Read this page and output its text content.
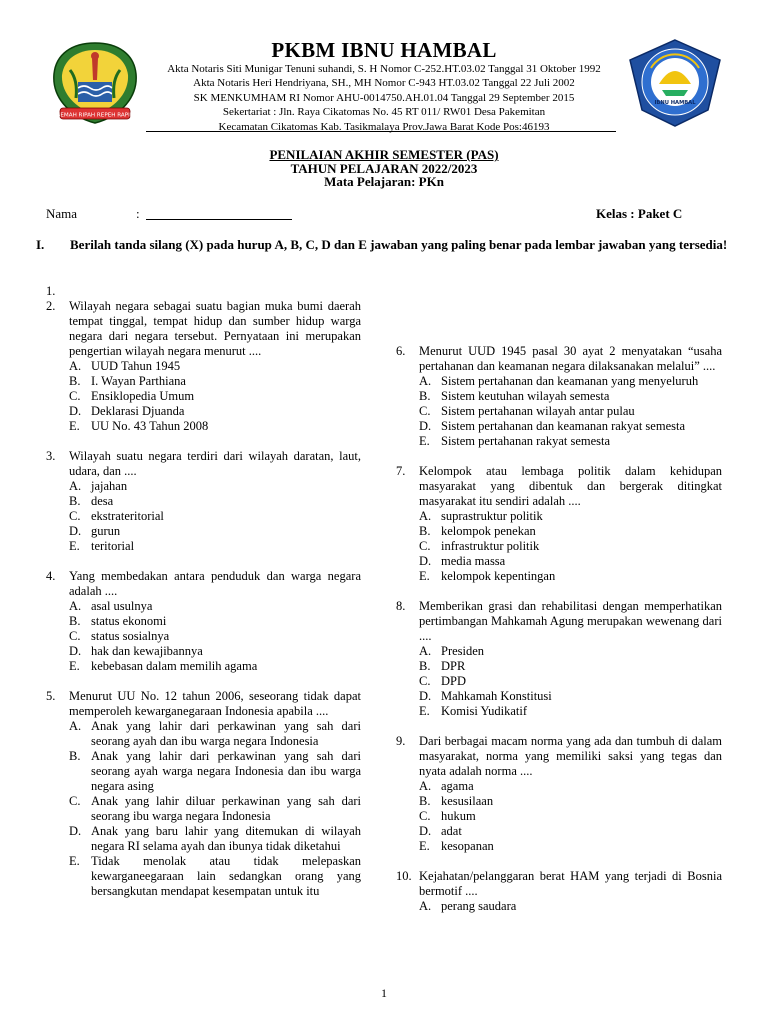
GEMAH RIPAH REPEH RAPIH
PKBM IBNU HAMBAL
Akta Notaris Siti Munigar Tenuni suhandi, S. H Nomor C-252.HT.03.02 Tanggal 31 Oktober 1992
Akta Notaris Heri Hendriyana, SH., MH Nomor C-943 HT.03.02 Tanggal 22 Juli 2002
SK MENKUMHAM RI Nomor AHU-0014750.AH.01.04 Tanggal 29 September 2015
Sekertariat : Jln. Raya Cikatomas No. 45 RT 011/ RW01 Desa Pakemitan
Kecamatan Cikatomas Kab. Tasikmalaya Prov.Jawa Barat Kode Pos:46193
IBNU HAMBAL
PENILAIAN AKHIR SEMESTER (PAS)
TAHUN PELAJARAN 2022/2023
Mata Pelajaran: PKn
Nama	:	Kelas : Paket C
I. Berilah tanda silang (X) pada hurup A, B, C, D dan E jawaban yang paling benar pada lembar jawaban yang tersedia!
1.
2. Wilayah negara sebagai suatu bagian muka bumi daerah tempat tinggal, tempat hidup dan sumber hidup warga negara dari negara tersebut. Pernyataan ini merupakan pengertian wilayah negara menurut ....
A. UUD Tahun 1945
B. I. Wayan Parthiana
C. Ensiklopedia Umum
D. Deklarasi Djuanda
E. UU No. 43 Tahun 2008
3. Wilayah suatu negara terdiri dari wilayah daratan, laut, udara, dan ....
A. jajahan
B. desa
C. ekstrateritorial
D. gurun
E. teritorial
4. Yang membedakan antara penduduk dan warga negara adalah ....
A. asal usulnya
B. status ekonomi
C. status sosialnya
D. hak dan kewajibannya
E. kebebasan dalam memilih agama
5. Menurut UU No. 12 tahun 2006, seseorang tidak dapat memperoleh kewarganegaraan Indonesia apabila ....
A. Anak yang lahir dari perkawinan yang sah dari seorang ayah dan ibu warga negara Indonesia
B. Anak yang lahir dari perkawinan yang sah dari seorang ayah warga negara Indonesia dan ibu warga negara asing
C. Anak yang lahir diluar perkawinan yang sah dari seorang ibu warga negara Indonesia
D. Anak yang baru lahir yang ditemukan di wilayah negara RI selama ayah dan ibunya tidak diketahui
E. Tidak menolak atau tidak melepaskan kewarganeegaraan lain sedangkan orang yang bersangkutan mendapat kesempatan untuk itu
6. Menurut UUD 1945 pasal 30 ayat 2 menyatakan “usaha pertahanan dan keamanan negara dilaksanakan melalui” ....
A. Sistem pertahanan dan keamanan yang menyeluruh
B. Sistem keutuhan wilayah semesta
C. Sistem pertahanan wilayah antar pulau
D. Sistem pertahanan dan keamanan rakyat semesta
E. Sistem pertahanan rakyat semesta
7. Kelompok atau lembaga politik dalam kehidupan masyarakat yang dibentuk dan bergerak ditingkat masyarakat itu sendiri adalah ....
A. suprastruktur politik
B. kelompok penekan
C. infrastruktur politik
D. media massa
E. kelompok kepentingan
8. Memberikan grasi dan rehabilitasi dengan memperhatikan pertimbangan Mahkamah Agung merupakan wewenang dari ....
A. Presiden
B. DPR
C. DPD
D. Mahkamah Konstitusi
E. Komisi Yudikatif
9. Dari berbagai macam norma yang ada dan tumbuh di dalam masyarakat, norma yang memiliki saksi yang tegas dan nyata adalah norma ....
A. agama
B. kesusilaan
C. hukum
D. adat
E. kesopanan
10. Kejahatan/pelanggaran berat HAM yang terjadi di Bosnia bermotif ....
A. perang saudara
1
